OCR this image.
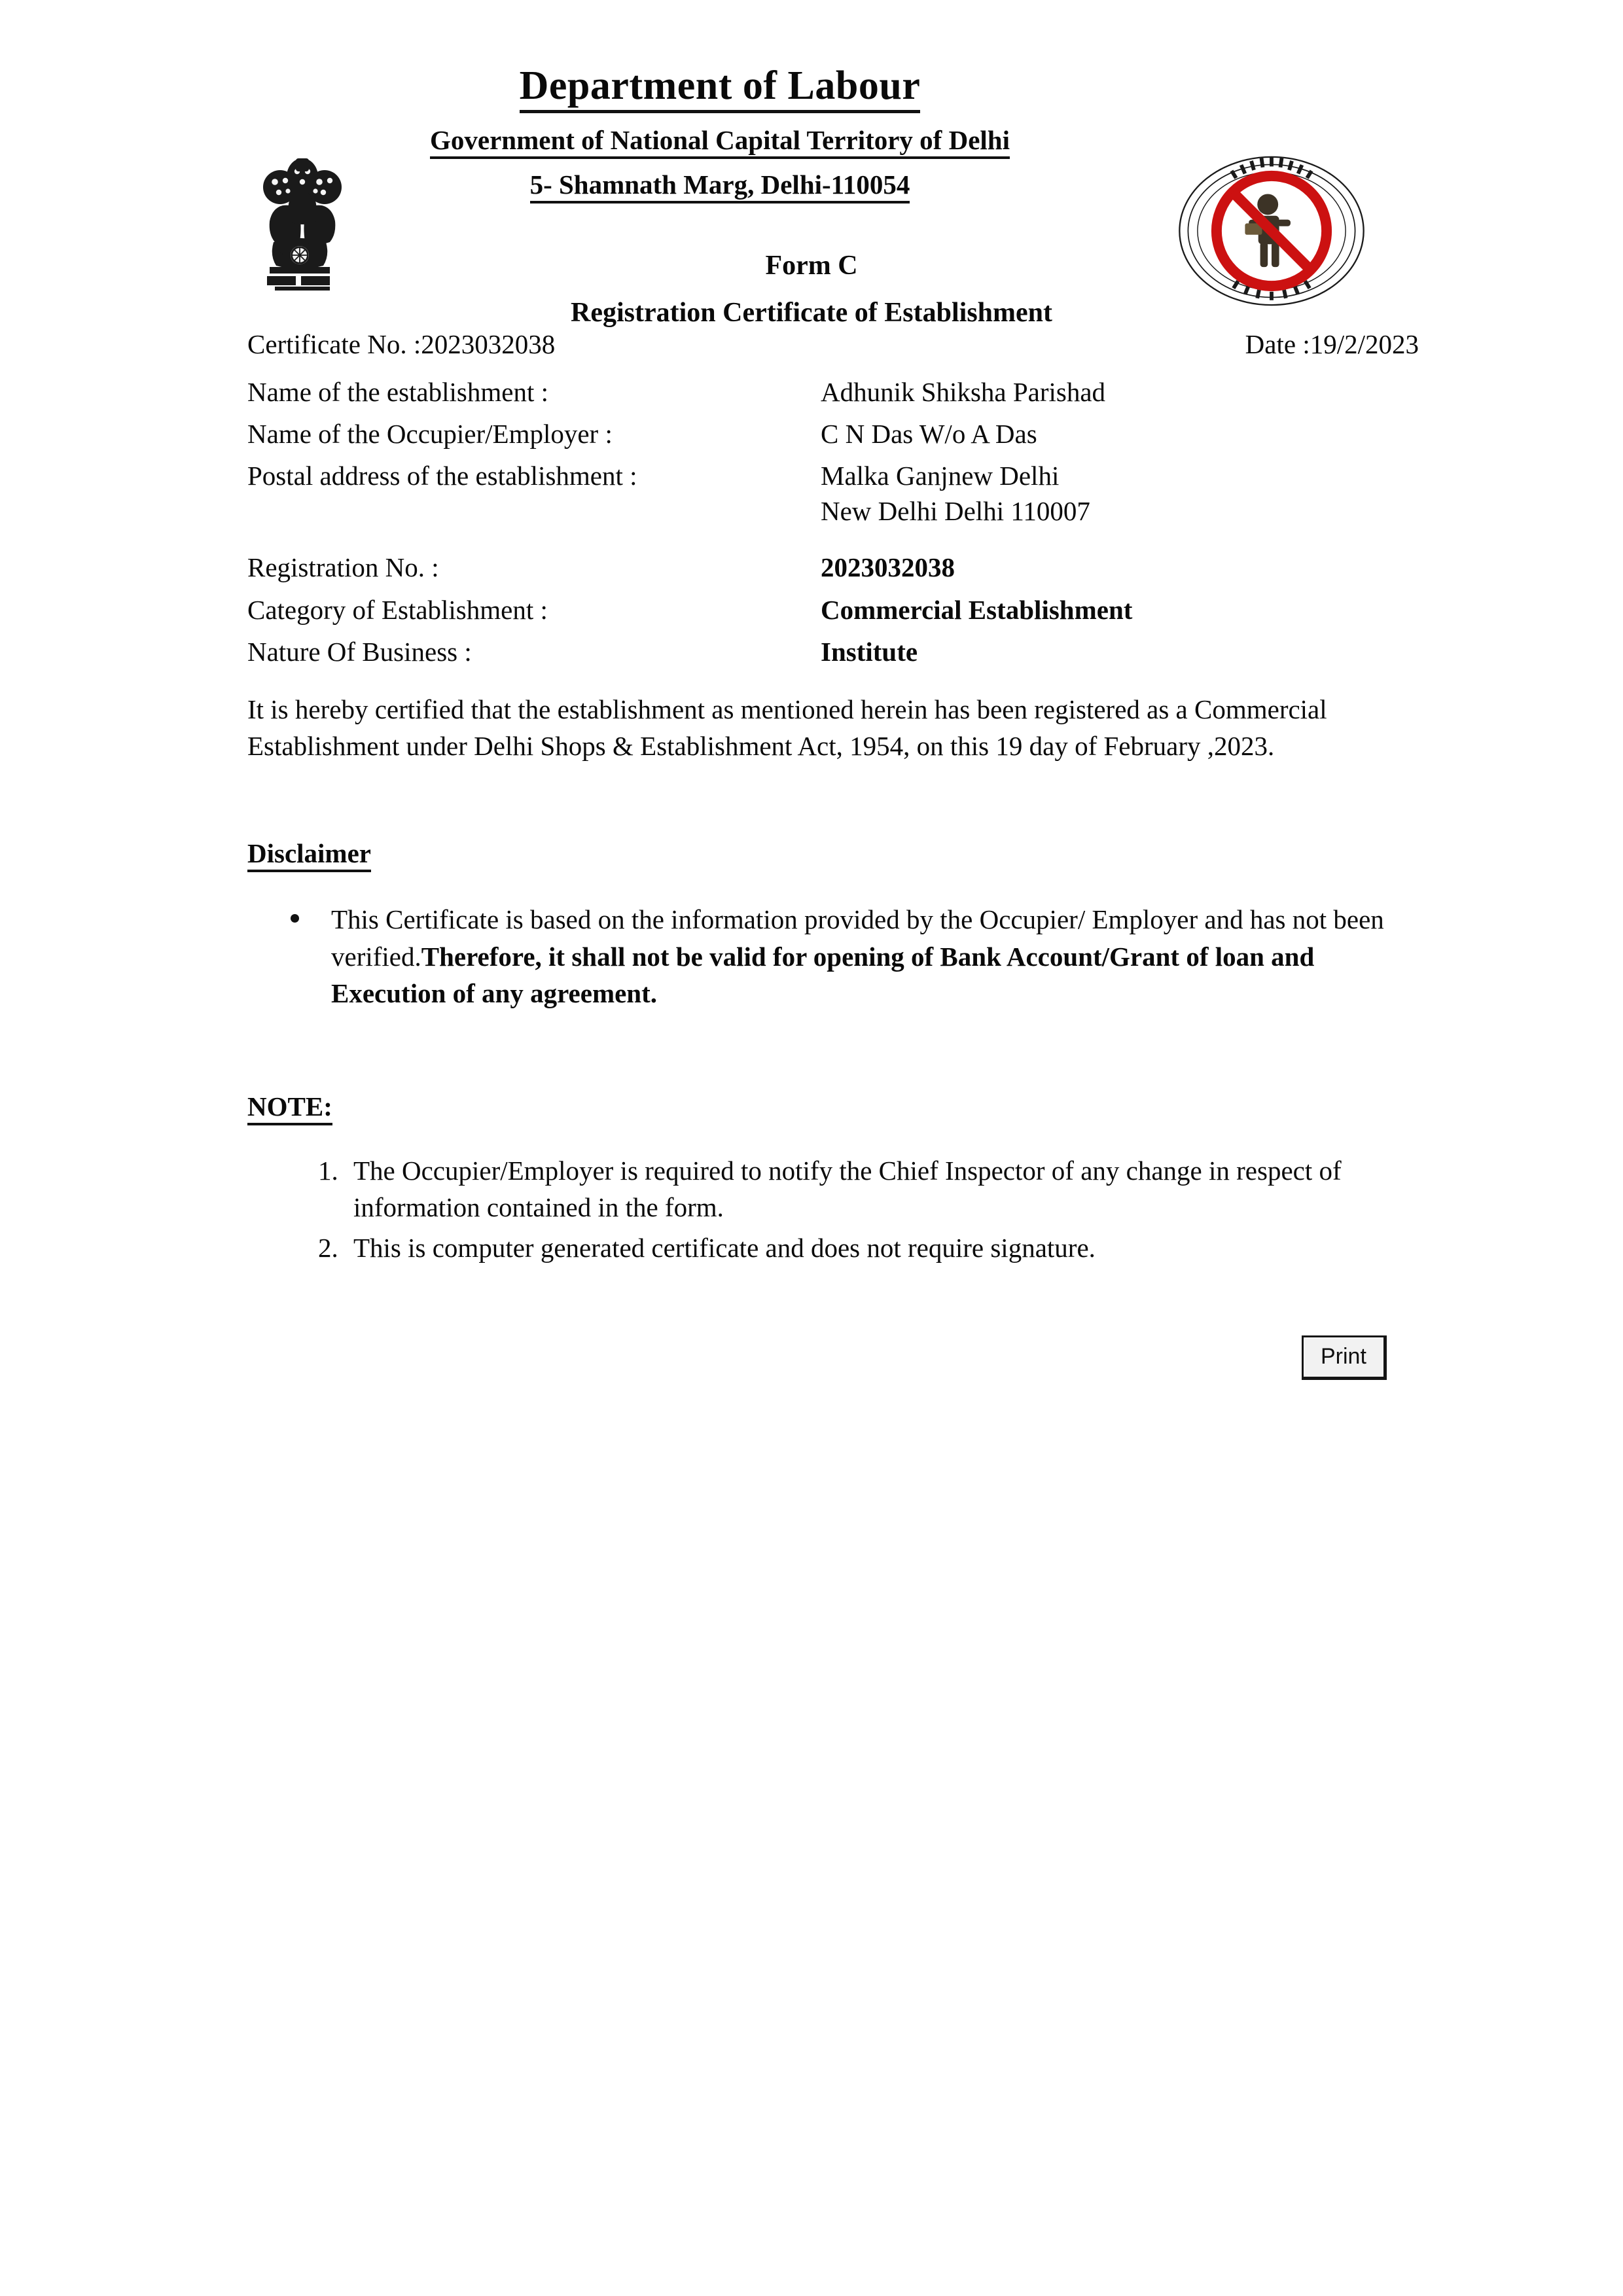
Department of Labour
Government of National Capital Territory of Delhi
5- Shamnath Marg, Delhi-110054
Form C
Registration Certificate of Establishment
Certificate No. :2023032038	Date :19/2/2023
Name of the establishment :	Adhunik Shiksha Parishad
Name of the Occupier/Employer :	C N Das W/o A Das
Postal address of the establishment :	Malka Ganjnew Delhi
New Delhi Delhi 110007
Registration No. :	2023032038
Category of Establishment :	Commercial Establishment
Nature Of Business :	Institute
It is hereby certified that the establishment as mentioned herein has been registered as a Commercial Establishment under Delhi Shops & Establishment Act, 1954, on this 19 day of February ,2023.
Disclaimer
This Certificate is based on the information provided by the Occupier/ Employer and has not been verified.Therefore, it shall not be valid for opening of Bank Account/Grant of loan and Execution of any agreement.
NOTE:
1. The Occupier/Employer is required to notify the Chief Inspector of any change in respect of information contained in the form.
2. This is computer generated certificate and does not require signature.
Print
